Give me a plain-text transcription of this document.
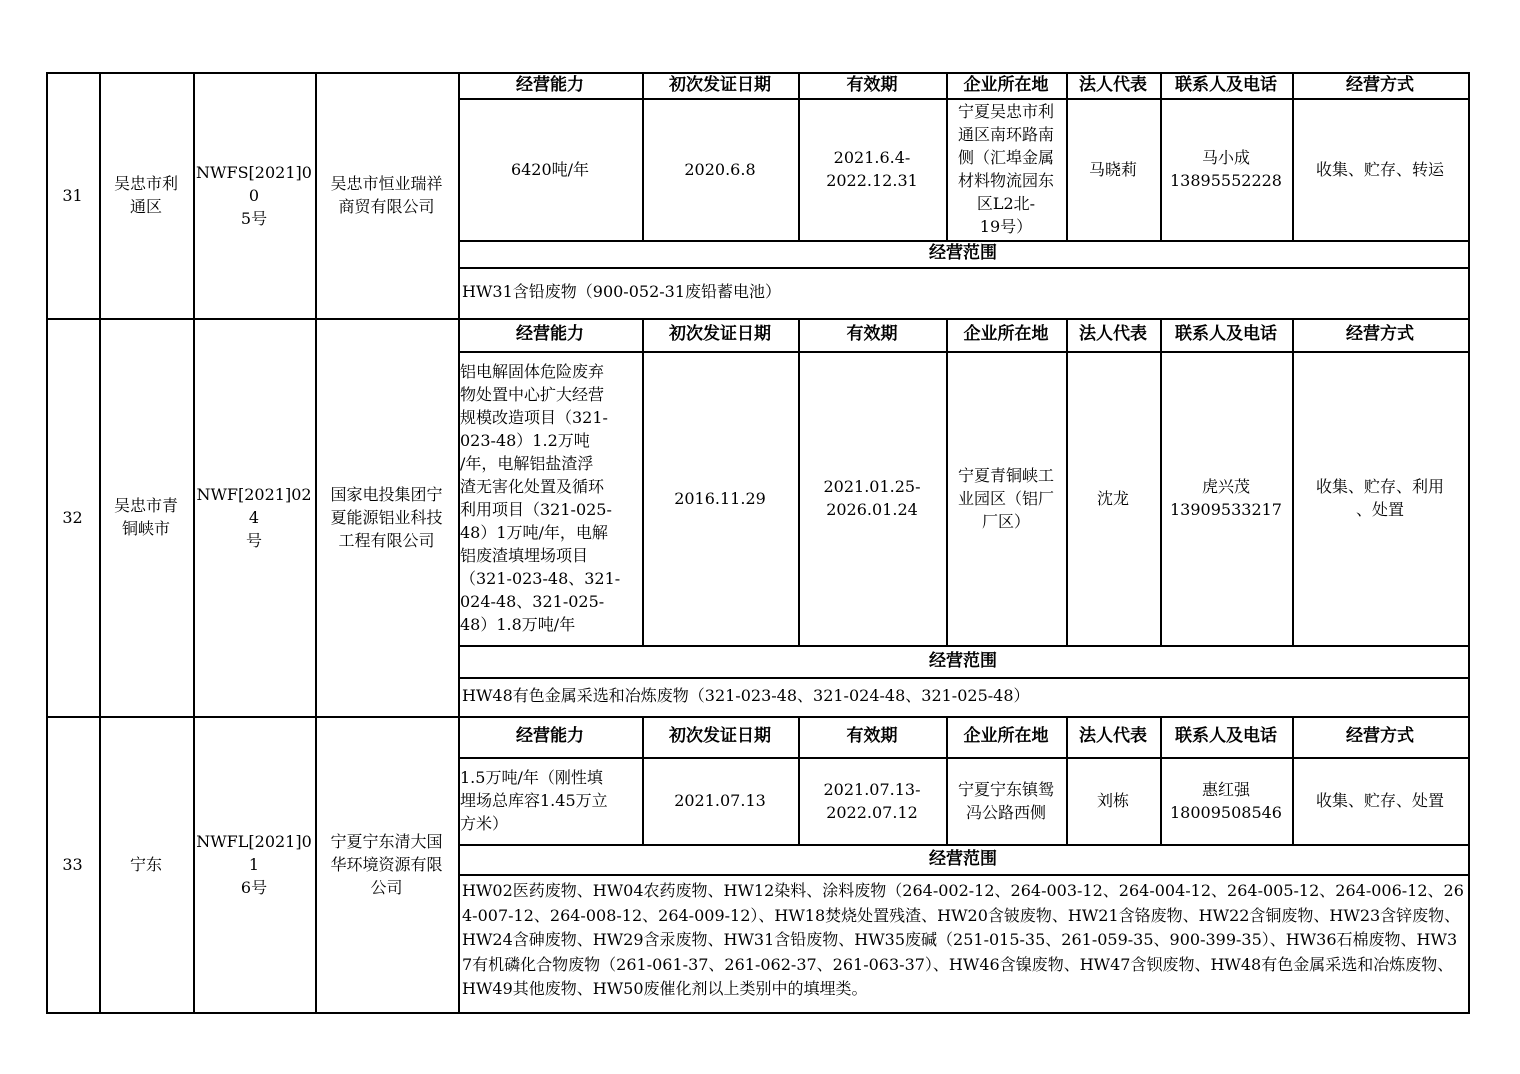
31
吴忠市利
通区
NWFS[2021]00
5号
吴忠市恒业瑞祥
商贸有限公司
经营能力
6420吨/年
初次发证日期
2020.6.8
有效期
2021.6.4-
2022.12.31
企业所在地
宁夏吴忠市利
通区南环路南
侧（汇埠金属
材料物流园东
区L2北-
19号）
法人代表
马晓莉
联系人及电话
马小成
13895552228
经营方式
收集、贮存、转运
经营范围
HW31含铅废物（900-052-31废铅蓄电池）
32
吴忠市青
铜峡市
NWF[2021]024
号
国家电投集团宁
夏能源铝业科技
工程有限公司
经营能力
铝电解固体危险废弃
物处置中心扩大经营
规模改造项目（321-
023-48）1.2万吨
/年，电解铝盐渣浮
渣无害化处置及循环
利用项目（321-025-
48）1万吨/年，电解
铝废渣填埋场项目
（321-023-48、321-
024-48、321-025-
48）1.8万吨/年
初次发证日期
2016.11.29
有效期
2021.01.25-
2026.01.24
企业所在地
宁夏青铜峡工
业园区（铝厂
厂区）
法人代表
沈龙
联系人及电话
虎兴茂
13909533217
经营方式
收集、贮存、利用
、处置
经营范围
HW48有色金属采选和冶炼废物（321-023-48、321-024-48、321-025-48）
33	宁东
NWFL[2021]01
6号
宁夏宁东清大国
华环境资源有限
公司
经营能力
1.5万吨/年（刚性填
埋场总库容1.45万立
方米）
初次发证日期
2021.07.13
有效期
2021.07.13-
2022.07.12
企业所在地
宁夏宁东镇鸳
冯公路西侧
法人代表
刘栋
联系人及电话
惠红强
18009508546
经营方式
收集、贮存、处置
经营范围
HW02医药废物、HW04农药废物、HW12染料、涂料废物（264-002-12、264-003-12、264-004-12、264-005-12、264-006-12、264-007-12、264-008-12、264-009-12）、HW18焚烧处置残渣、HW20含铍废物、HW21含铬废物、HW22含铜废物、HW23含锌废物、HW24含砷废物、HW29含汞废物、HW31含铅废物、HW35废碱（251-015-35、261-059-35、900-399-35）、HW36石棉废物、HW37有机磷化合物废物（261-061-37、261-062-37、261-063-37）、HW46含镍废物、HW47含钡废物、HW48有色金属采选和冶炼废物、HW49其他废物、HW50废催化剂以上类别中的填埋类。
